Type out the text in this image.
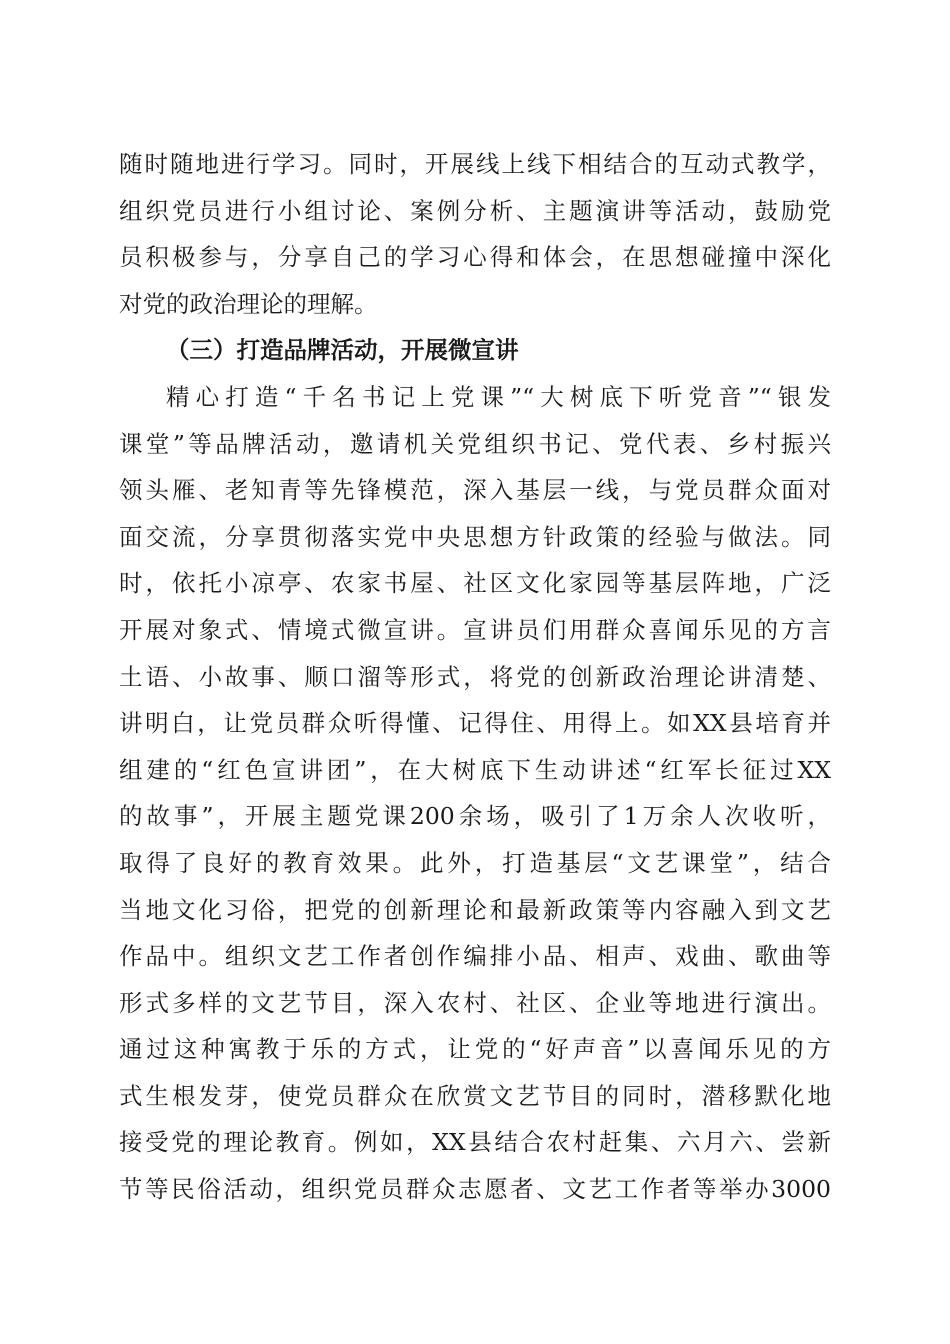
随时随地进行学习。同时，开展线上线下相结合的互动式教学，
组织党员进行小组讨论、案例分析、主题演讲等活动，鼓励党
员积极参与，分享自己的学习心得和体会，在思想碰撞中深化
对党的政治理论的理解。
（三）打造品牌活动，开展微宣讲
精心打造“千名书记上党课”“大树底下听党音”“银发
课堂”等品牌活动，邀请机关党组织书记、党代表、乡村振兴
领头雁、老知青等先锋模范，深入基层一线，与党员群众面对
面交流，分享贯彻落实党中央思想方针政策的经验与做法。同
时，依托小凉亭、农家书屋、社区文化家园等基层阵地，广泛
开展对象式、情境式微宣讲。宣讲员们用群众喜闻乐见的方言
土语、小故事、顺口溜等形式，将党的创新政治理论讲清楚、
讲明白，让党员群众听得懂、记得住、用得上。如XX县培育并
组建的“红色宣讲团”，在大树底下生动讲述“红军长征过XX
的故事”，开展主题党课200余场，吸引了1万余人次收听，
取得了良好的教育效果。此外，打造基层“文艺课堂”，结合
当地文化习俗，把党的创新理论和最新政策等内容融入到文艺
作品中。组织文艺工作者创作编排小品、相声、戏曲、歌曲等
形式多样的文艺节目，深入农村、社区、企业等地进行演出。
通过这种寓教于乐的方式，让党的“好声音”以喜闻乐见的方
式生根发芽，使党员群众在欣赏文艺节目的同时，潜移默化地
接受党的理论教育。例如，XX县结合农村赶集、六月六、尝新
节等民俗活动，组织党员群众志愿者、文艺工作者等举办3000
